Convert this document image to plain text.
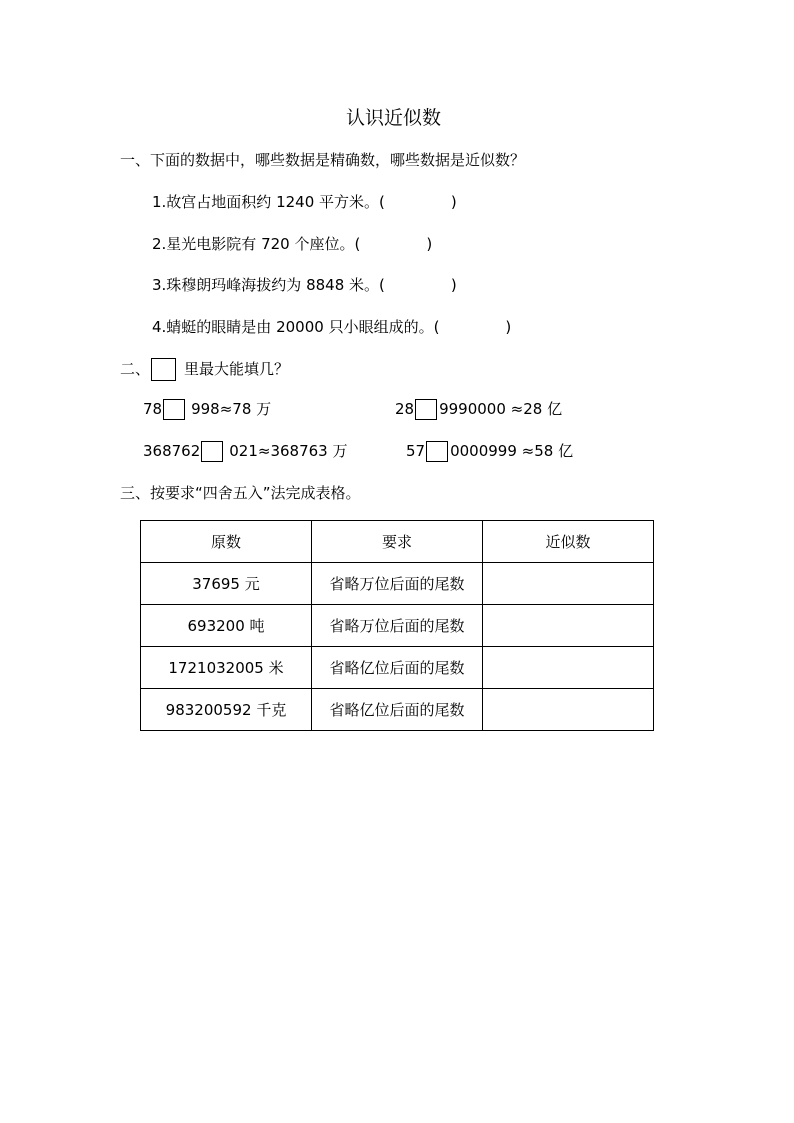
认识近似数
一、下面的数据中，哪些数据是精确数，哪些数据是近似数？
1.故宫占地面积约 1240 平方米。(	)
2.星光电影院有 720 个座位。(	)
3.珠穆朗玛峰海拔约为 8848 米。(	)
4.蜻蜓的眼睛是由 20000 只小眼组成的。(	)
二、 里最大能填几？
78 998≈78 万	28 9990000 ≈28 亿
368762 021≈368763 万	57 0000999 ≈58 亿
三、按要求“四舍五入”法完成表格。
原数	要求	近似数
37695 元	省略万位后面的尾数	
693200 吨	省略万位后面的尾数	
1721032005 米	省略亿位后面的尾数	
983200592 千克	省略亿位后面的尾数	
